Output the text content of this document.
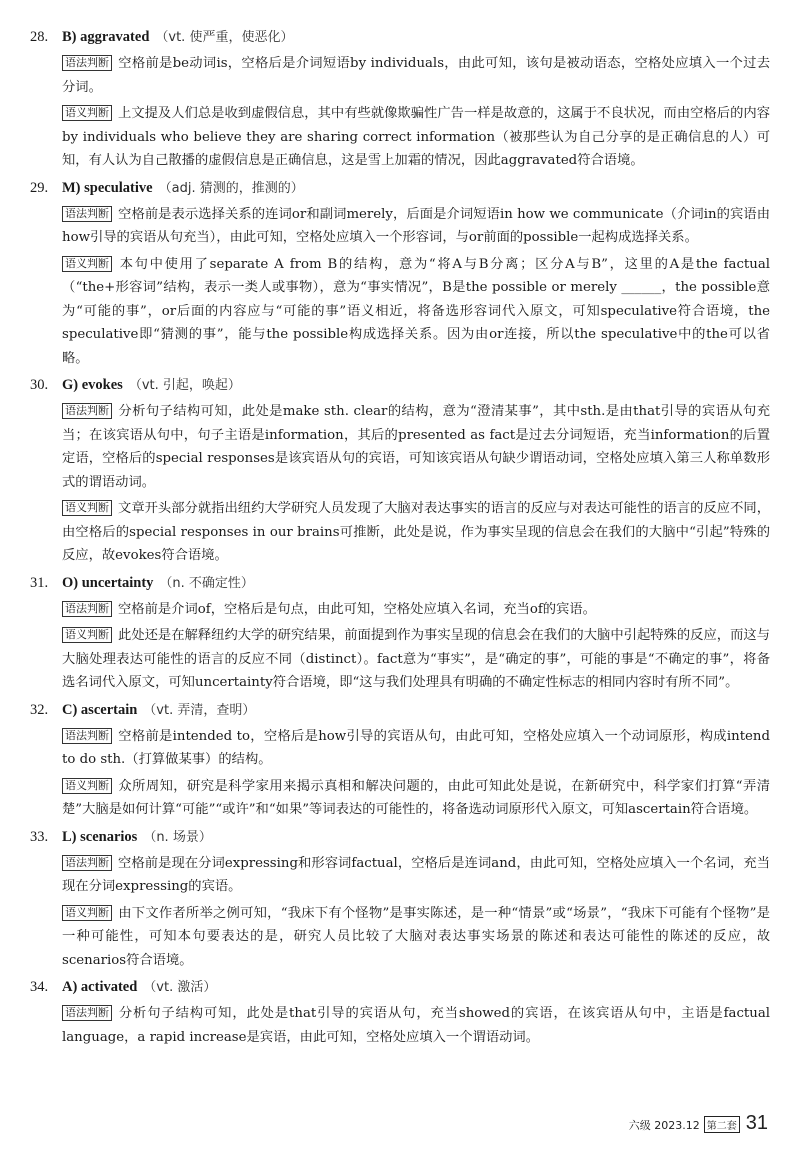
28. B) aggravated （vt. 使严重，使恶化）
语法判断 空格前是be动词is，空格后是介词短语by individuals，由此可知，该句是被动语态，空格处应填入一个过去分词。
语义判断 上文提及人们总是收到虚假信息，其中有些就像欺骗性广告一样是故意的，这属于不良状况，而由空格后的内容by individuals who believe they are sharing correct information（被那些认为自己分享的是正确信息的人）可知，有人认为自己散播的虚假信息是正确信息，这是雪上加霜的情况，因此aggravated符合语境。
29. M) speculative （adj. 猜测的，推测的）
语法判断 空格前是表示选择关系的连词or和副词merely，后面是介词短语in how we communicate（介词in的宾语由how引导的宾语从句充当），由此可知，空格处应填入一个形容词，与or前面的possible一起构成选择关系。
语义判断 本句中使用了separate A from B的结构，意为“将A与B分离；区分A与B”，这里的A是the factual（“the+形容词”结构，表示一类人或事物），意为“事实情况”，B是the possible or merely ______，the possible意为“可能的事”，or后面的内容应与“可能的事”语义相近，将备选形容词代入原文，可知speculative符合语境，the speculative即“猜测的事”，能与the possible构成选择关系。因为由or连接，所以the speculative中的the可以省略。
30. G) evokes （vt. 引起，唤起）
语法判断 分析句子结构可知，此处是make sth. clear的结构，意为“澄清某事”，其中sth.是由that引导的宾语从句充当；在该宾语从句中，句子主语是information，其后的presented as fact是过去分词短语，充当information的后置定语，空格后的special responses是该宾语从句的宾语，可知该宾语从句缺少谓语动词，空格处应填入第三人称单数形式的谓语动词。
语义判断 文章开头部分就指出纽约大学研究人员发现了大脑对表达事实的语言的反应与对表达可能性的语言的反应不同，由空格后的special responses in our brains可推断，此处是说，作为事实呈现的信息会在我们的大脑中“引起”特殊的反应，故evokes符合语境。
31. O) uncertainty （n. 不确定性）
语法判断 空格前是介词of，空格后是句点，由此可知，空格处应填入名词，充当of的宾语。
语义判断 此处还是在解释纽约大学的研究结果，前面提到作为事实呈现的信息会在我们的大脑中引起特殊的反应，而这与大脑处理表达可能性的语言的反应不同（distinct）。fact意为“事实”，是“确定的事”，可能的事是“不确定的事”，将备选名词代入原文，可知uncertainty符合语境，即“这与我们处理具有明确的不确定性标志的相同内容时有所不同”。
32. C) ascertain （vt. 弄清，查明）
语法判断 空格前是intended to，空格后是how引导的宾语从句，由此可知，空格处应填入一个动词原形，构成intend to do sth.（打算做某事）的结构。
语义判断 众所周知，研究是科学家用来揭示真相和解决问题的，由此可知此处是说，在新研究中，科学家们打算“弄清楚”大脑是如何计算“可能”“或许”和“如果”等词表达的可能性的，将备选动词原形代入原文，可知ascertain符合语境。
33. L) scenarios （n. 场景）
语法判断 空格前是现在分词expressing和形容词factual，空格后是连词and，由此可知，空格处应填入一个名词，充当现在分词expressing的宾语。
语义判断 由下文作者所举之例可知，“我床下有个怪物”是事实陈述，是一种“情景”或“场景”，“我床下可能有个怪物”是一种可能性，可知本句要表达的是，研究人员比较了大脑对表达事实场景的陈述和表达可能性的陈述的反应，故scenarios符合语境。
34. A) activated （vt. 激活）
语法判断 分析句子结构可知，此处是that引导的宾语从句，充当showed的宾语，在该宾语从句中，主语是factual language，a rapid increase是宾语，由此可知，空格处应填入一个谓语动词。
六级 2023.12 第二套 31
